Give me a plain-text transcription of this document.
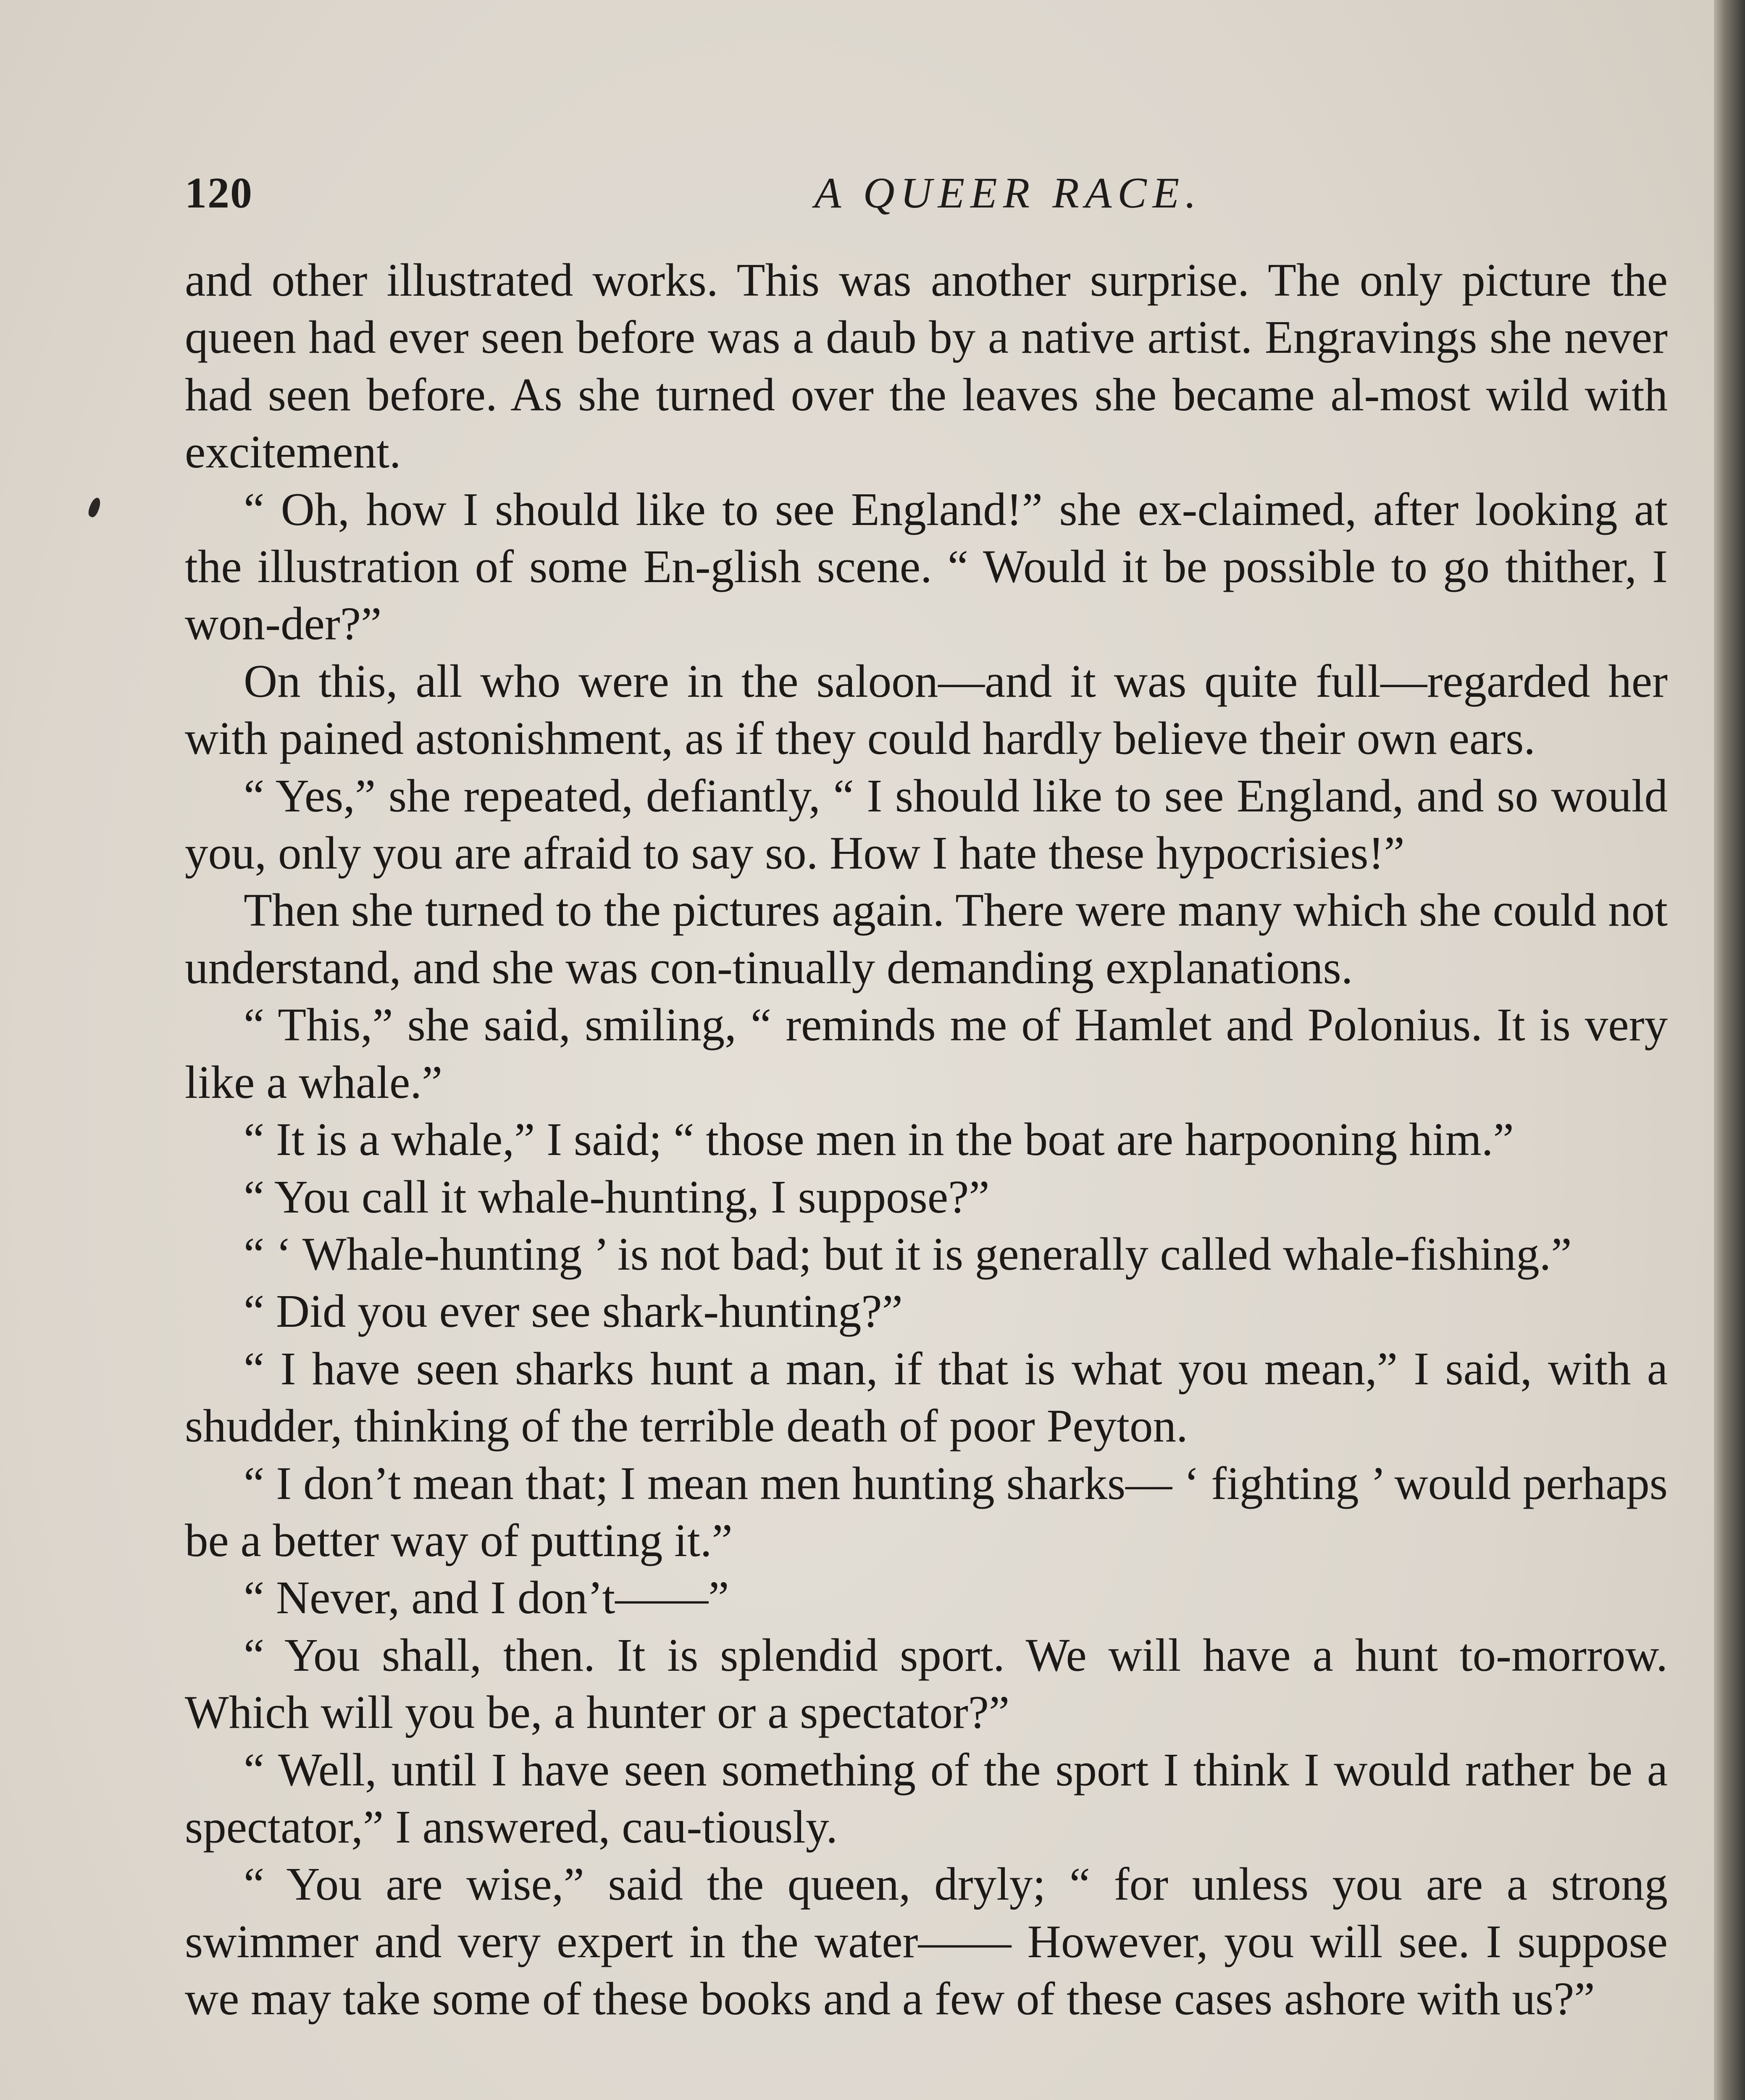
120	A QUEER RACE.

and other illustrated works. This was another surprise. The only picture the queen had ever seen before was a daub by a native artist. Engravings she never had seen before. As she turned over the leaves she became al-most wild with excitement.

“ Oh, how I should like to see England!” she ex-claimed, after looking at the illustration of some En-glish scene. “ Would it be possible to go thither, I won-der?”

On this, all who were in the saloon—and it was quite full—regarded her with pained astonishment, as if they could hardly believe their own ears.

“ Yes,” she repeated, defiantly, “ I should like to see England, and so would you, only you are afraid to say so. How I hate these hypocrisies!”

Then she turned to the pictures again. There were many which she could not understand, and she was con-tinually demanding explanations.

“ This,” she said, smiling, “ reminds me of Hamlet and Polonius. It is very like a whale.”

“ It is a whale,” I said; “ those men in the boat are harpooning him.”

“ You call it whale-hunting, I suppose?”

“ ‘ Whale-hunting ’ is not bad; but it is generally called whale-fishing.”

“ Did you ever see shark-hunting?”

“ I have seen sharks hunt a man, if that is what you mean,” I said, with a shudder, thinking of the terrible death of poor Peyton.

“ I don’t mean that; I mean men hunting sharks— ‘ fighting ’ would perhaps be a better way of putting it.”

“ Never, and I don’t——”

“ You shall, then. It is splendid sport. We will have a hunt to-morrow. Which will you be, a hunter or a spectator?”

“ Well, until I have seen something of the sport I think I would rather be a spectator,” I answered, cau-tiously.

“ You are wise,” said the queen, dryly; “ for unless you are a strong swimmer and very expert in the water—— However, you will see. I suppose we may take some of these books and a few of these cases ashore with us?”
